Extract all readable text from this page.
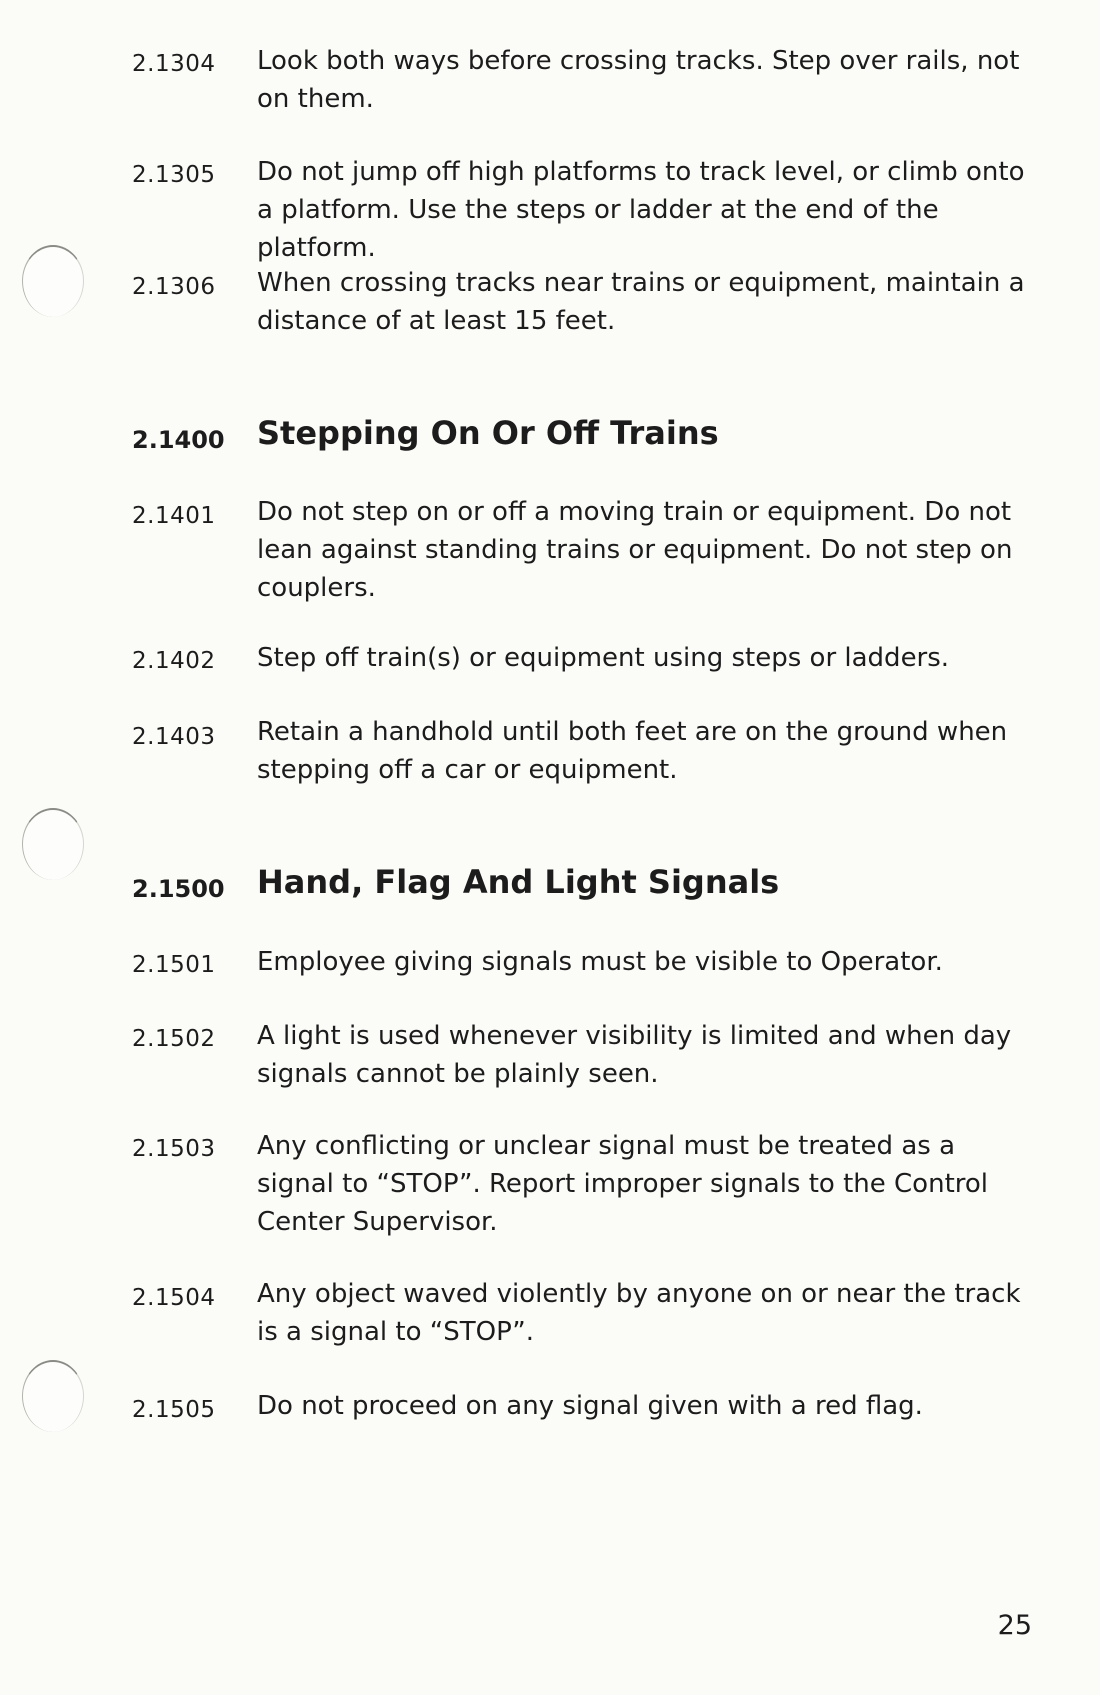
2.1304 Look both ways before crossing tracks. Step over rails, not on them.
2.1305 Do not jump off high platforms to track level, or climb onto a platform. Use the steps or ladder at the end of the platform.
2.1306 When crossing tracks near trains or equipment, maintain a distance of at least 15 feet.
2.1400 Stepping On Or Off Trains
2.1401 Do not step on or off a moving train or equipment. Do not lean against standing trains or equipment. Do not step on couplers.
2.1402 Step off train(s) or equipment using steps or ladders.
2.1403 Retain a handhold until both feet are on the ground when stepping off a car or equipment.
2.1500 Hand, Flag And Light Signals
2.1501 Employee giving signals must be visible to Operator.
2.1502 A light is used whenever visibility is limited and when day signals cannot be plainly seen.
2.1503 Any conflicting or unclear signal must be treated as a signal to “STOP”. Report improper signals to the Control Center Supervisor.
2.1504 Any object waved violently by anyone on or near the track is a signal to “STOP”.
2.1505 Do not proceed on any signal given with a red flag.
25
